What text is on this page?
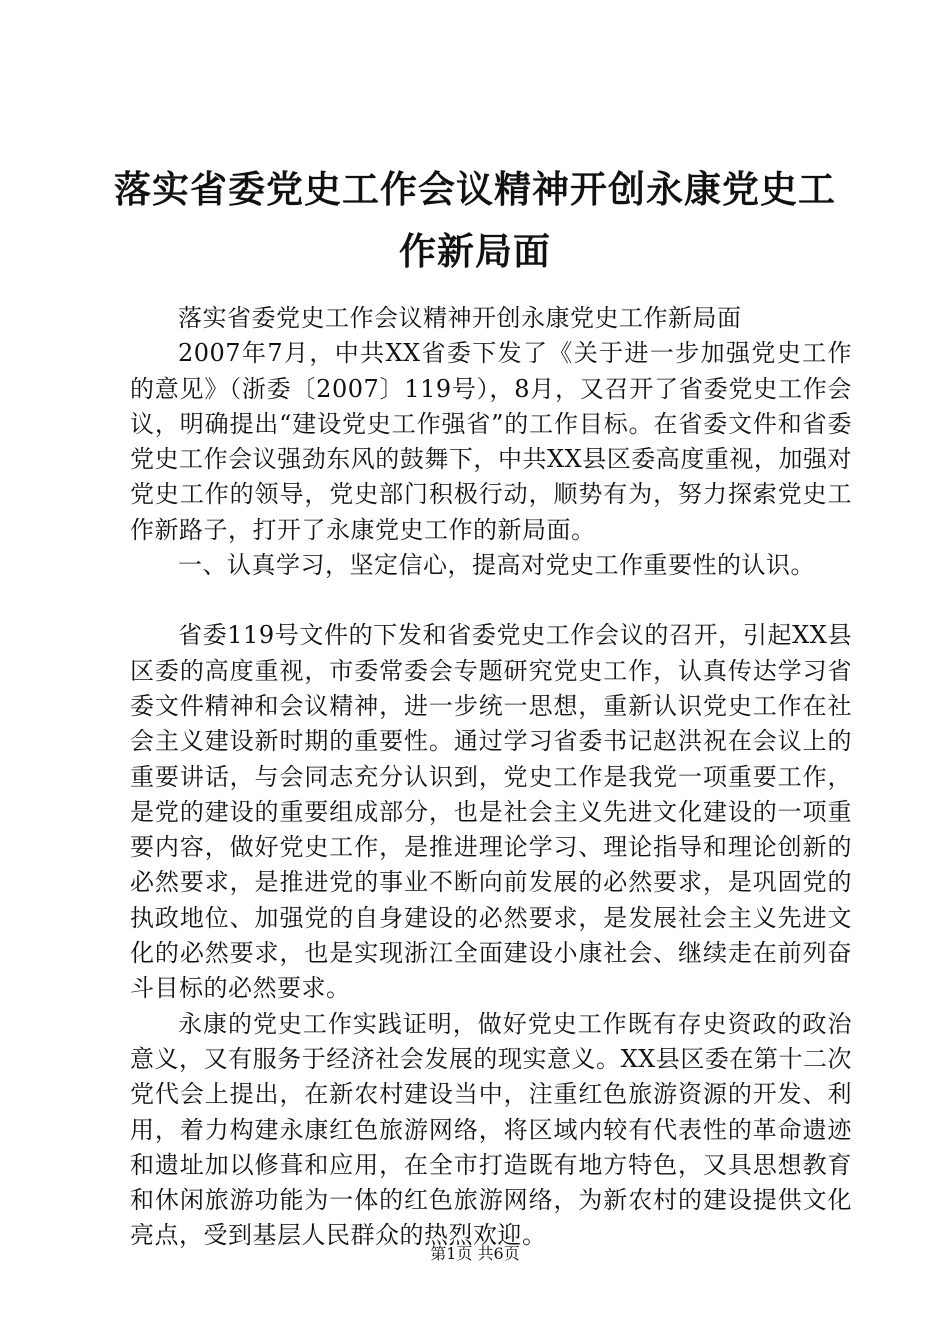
落实省委党史工作会议精神开创永康党史工作新局面

落实省委党史工作会议精神开创永康党史工作新局面

2007年7月，中共XX省委下发了《关于进一步加强党史工作的意见》（浙委〔2007〕119号），8月，又召开了省委党史工作会议，明确提出“建设党史工作强省”的工作目标。在省委文件和省委党史工作会议强劲东风的鼓舞下，中共XX县区委高度重视，加强对党史工作的领导，党史部门积极行动，顺势有为，努力探索党史工作新路子，打开了永康党史工作的新局面。

一、认真学习，坚定信心，提高对党史工作重要性的认识。

省委119号文件的下发和省委党史工作会议的召开，引起XX县区委的高度重视，市委常委会专题研究党史工作，认真传达学习省委文件精神和会议精神，进一步统一思想，重新认识党史工作在社会主义建设新时期的重要性。通过学习省委书记赵洪祝在会议上的重要讲话，与会同志充分认识到，党史工作是我党一项重要工作，是党的建设的重要组成部分，也是社会主义先进文化建设的一项重要内容，做好党史工作，是推进理论学习、理论指导和理论创新的必然要求，是推进党的事业不断向前发展的必然要求，是巩固党的执政地位、加强党的自身建设的必然要求，是发展社会主义先进文化的必然要求，也是实现浙江全面建设小康社会、继续走在前列奋斗目标的必然要求。

永康的党史工作实践证明，做好党史工作既有存史资政的政治意义，又有服务于经济社会发展的现实意义。XX县区委在第十二次党代会上提出，在新农村建设当中，注重红色旅游资源的开发、利用，着力构建永康红色旅游网络，将区域内较有代表性的革命遗迹和遗址加以修葺和应用，在全市打造既有地方特色，又具思想教育和休闲旅游功能为一体的红色旅游网络，为新农村的建设提供文化亮点，受到基层人民群众的热烈欢迎。

第1页 共6页
